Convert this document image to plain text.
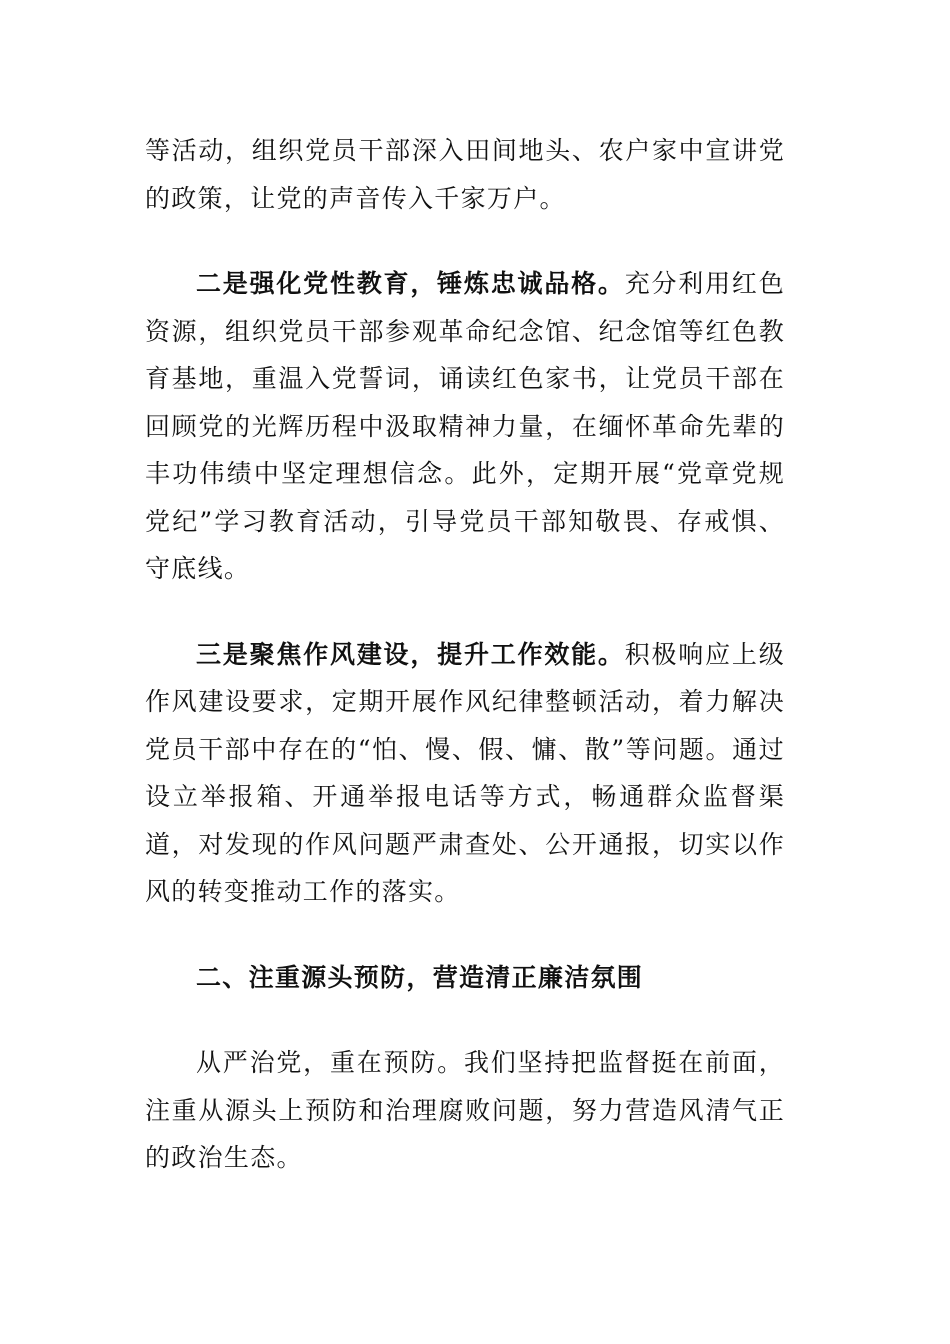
等活动，组织党员干部深入田间地头、农户家中宣讲党的政策，让党的声音传入千家万户。

二是强化党性教育，锤炼忠诚品格。充分利用红色资源，组织党员干部参观革命纪念馆、纪念馆等红色教育基地，重温入党誓词，诵读红色家书，让党员干部在回顾党的光辉历程中汲取精神力量，在缅怀革命先辈的丰功伟绩中坚定理想信念。此外，定期开展“党章党规党纪”学习教育活动，引导党员干部知敬畏、存戒惧、守底线。

三是聚焦作风建设，提升工作效能。积极响应上级作风建设要求，定期开展作风纪律整顿活动，着力解决党员干部中存在的“怕、慢、假、慵、散”等问题。通过设立举报箱、开通举报电话等方式，畅通群众监督渠道，对发现的作风问题严肃查处、公开通报，切实以作风的转变推动工作的落实。

二、注重源头预防，营造清正廉洁氛围

从严治党，重在预防。我们坚持把监督挺在前面，注重从源头上预防和治理腐败问题，努力营造风清气正的政治生态。
